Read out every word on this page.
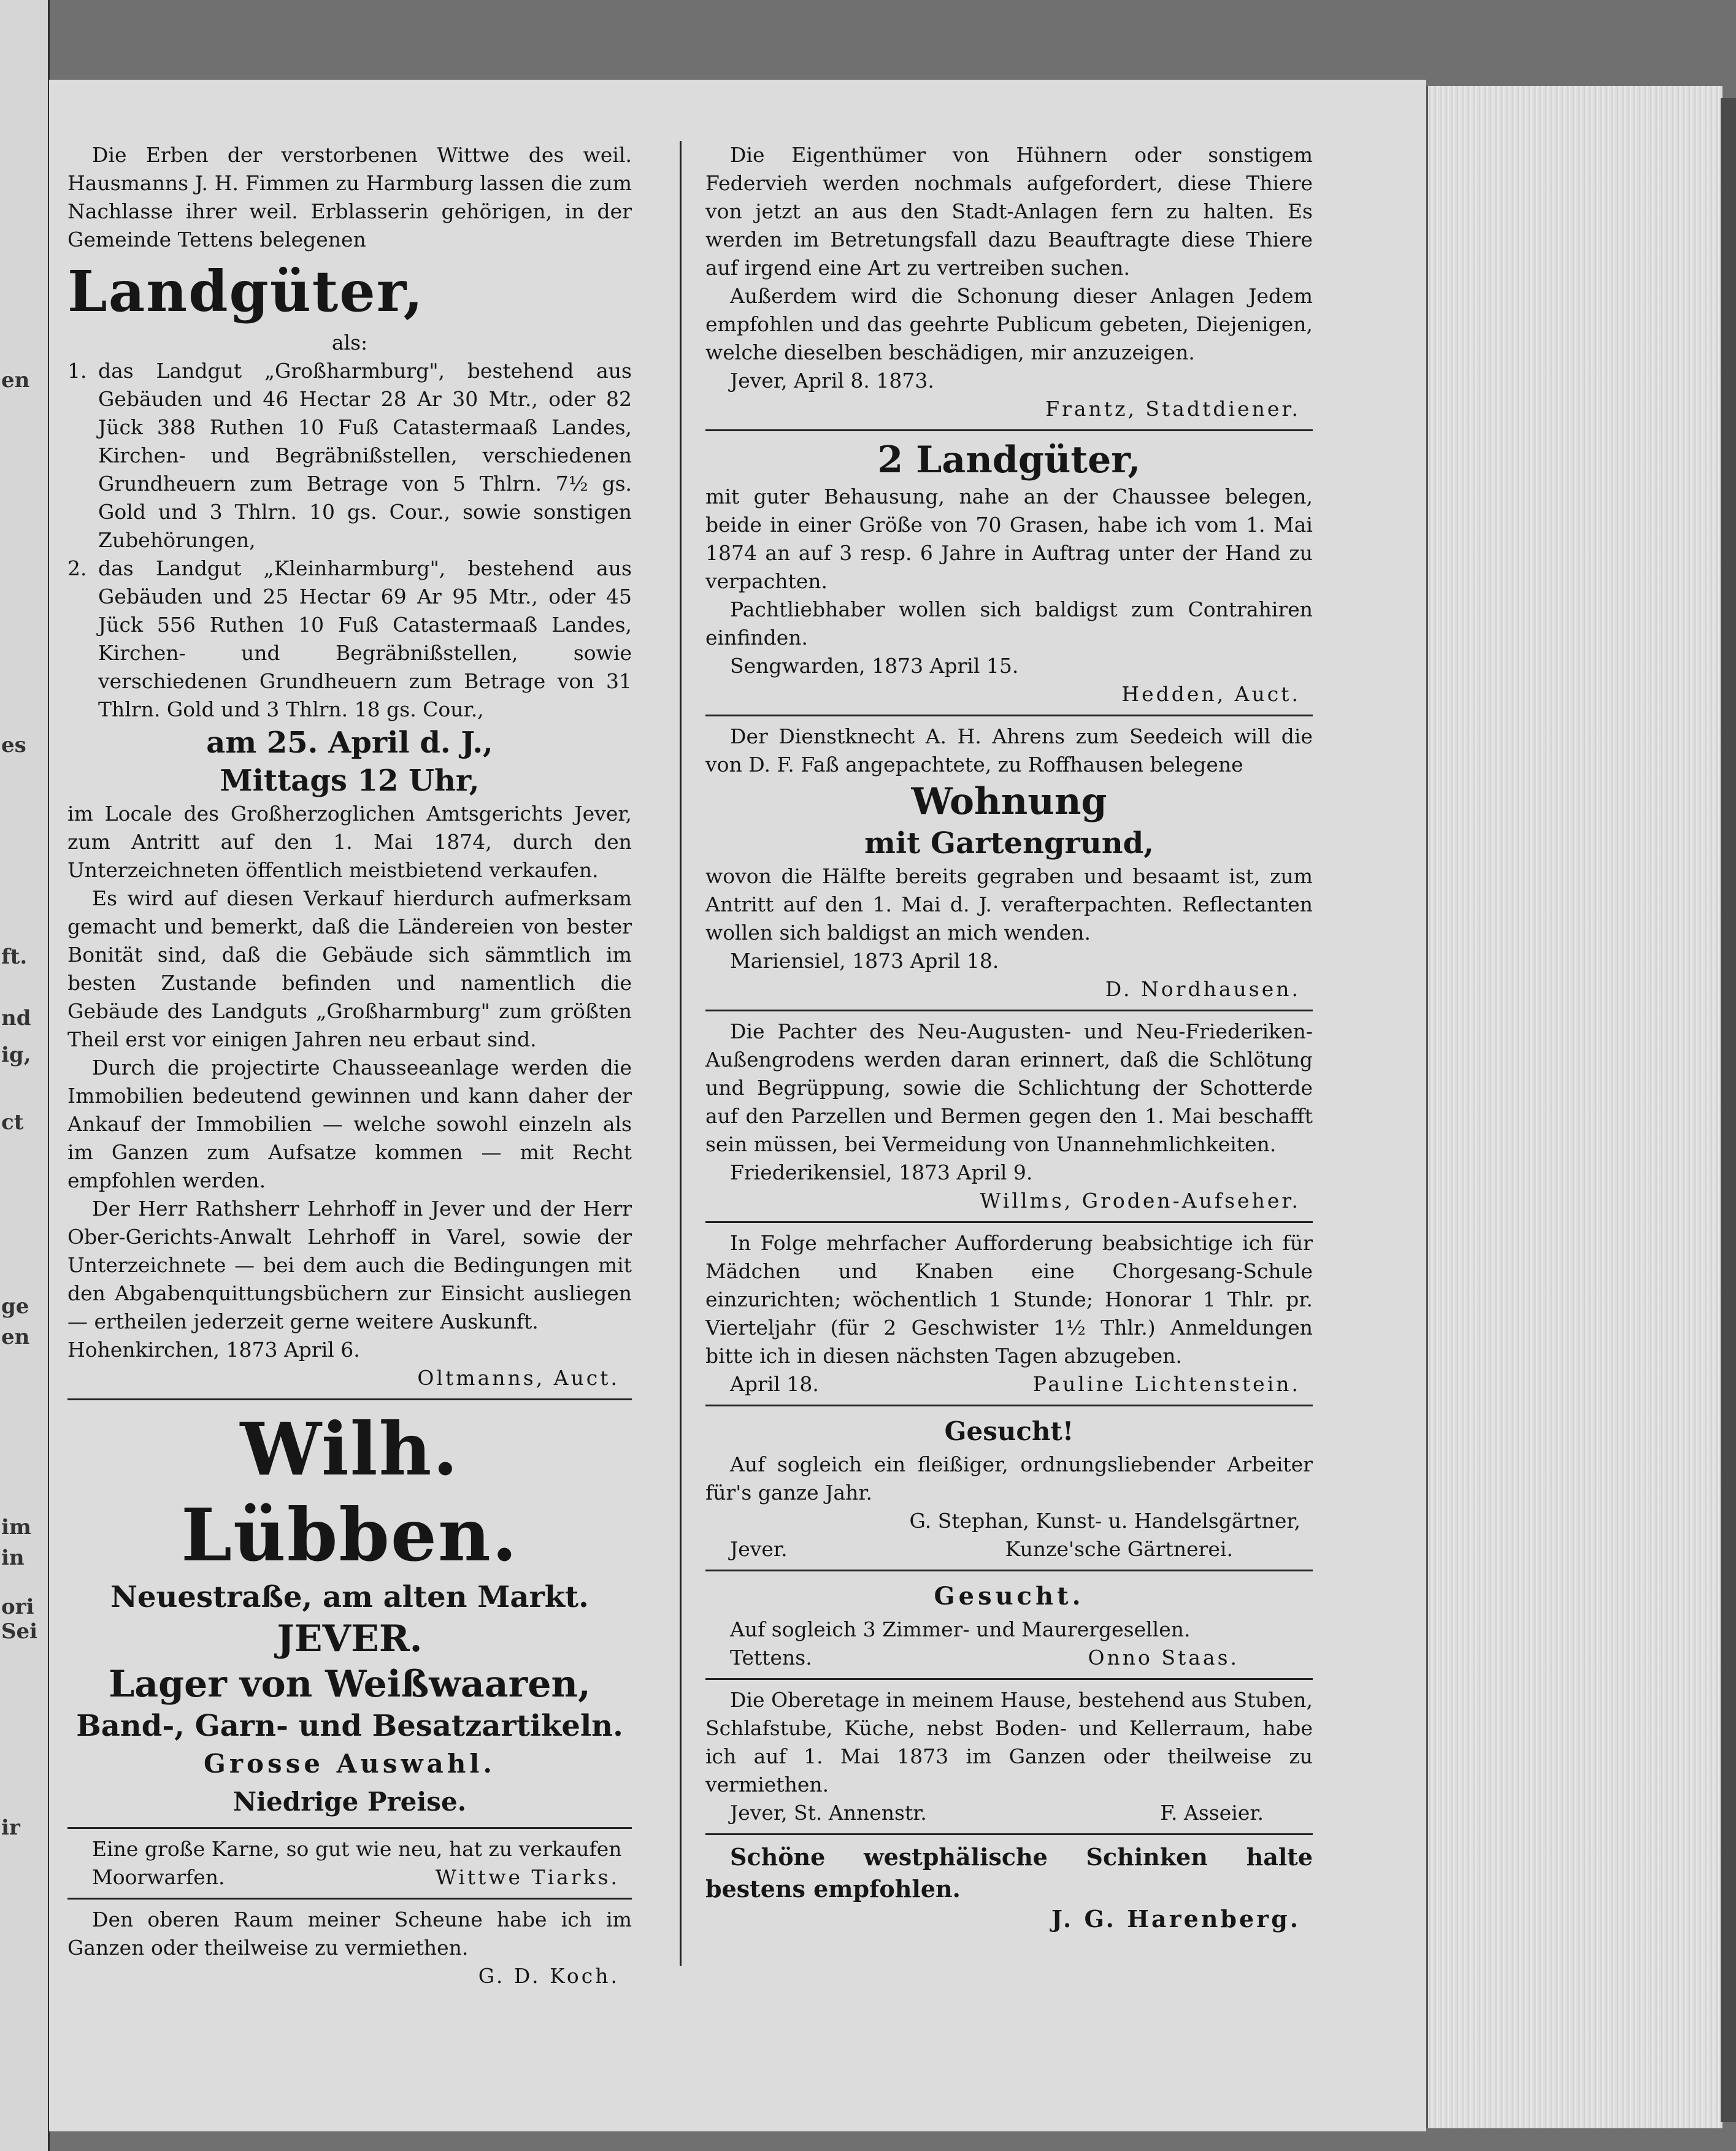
en
es
ft.
nd
ig,
ct
ge
en
im
in
ori
Sei
ir

Die Erben der verstorbenen Wittwe des weil. Hausmanns J. H. Fimmen zu Harmburg lassen die zum Nachlasse ihrer weil. Erblasserin gehörigen, in der Gemeinde Tettens belegenen

Landgüter,

als:

1. das Landgut „Großharmburg", bestehend aus Gebäuden und 46 Hectar 28 Ar 30 Mtr., oder 82 Jück 388 Ruthen 10 Fuß Catastermaaß Landes, Kirchen- und Begräbnißstellen, verschiedenen Grundheuern zum Betrage von 5 Thlrn. 7½ gs. Gold und 3 Thlrn. 10 gs. Cour., sowie sonstigen Zubehörungen,
2. das Landgut „Kleinharmburg", bestehend aus Gebäuden und 25 Hectar 69 Ar 95 Mtr., oder 45 Jück 556 Ruthen 10 Fuß Catastermaaß Landes, Kirchen- und Begräbnißstellen, sowie verschiedenen Grundheuern zum Betrage von 31 Thlrn. Gold und 3 Thlrn. 18 gs. Cour.,
am 25. April d. J.,
Mittags 12 Uhr,

im Locale des Großherzoglichen Amtsgerichts Jever, zum Antritt auf den 1. Mai 1874, durch den Unterzeichneten öffentlich meistbietend verkaufen.

Es wird auf diesen Verkauf hierdurch aufmerksam gemacht und bemerkt, daß die Ländereien von bester Bonität sind, daß die Gebäude sich sämmtlich im besten Zustande befinden und namentlich die Gebäude des Landguts „Großharmburg" zum größten Theil erst vor einigen Jahren neu erbaut sind.

Durch die projectirte Chausseeanlage werden die Immobilien bedeutend gewinnen und kann daher der Ankauf der Immobilien — welche sowohl einzeln als im Ganzen zum Aufsatze kommen — mit Recht empfohlen werden.

Der Herr Rathsherr Lehrhoff in Jever und der Herr Ober-Gerichts-Anwalt Lehrhoff in Varel, sowie der Unterzeichnete — bei dem auch die Bedingungen mit den Abgabenquittungsbüchern zur Einsicht ausliegen — ertheilen jederzeit gerne weitere Auskunft.

Hohenkirchen, 1873 April 6.

Oltmanns, Auct.

Wilh. Lübben.
Neuestraße, am alten Markt.
JEVER.
Lager von Weißwaaren,
Band-, Garn- und Besatzartikeln.
Grosse Auswahl.
Niedrige Preise.

Eine große Karne, so gut wie neu, hat zu verkaufen

Moorwarfen.	Wittwe Tiarks.

Den oberen Raum meiner Scheune habe ich im Ganzen oder theilweise zu vermiethen.

G. D. Koch.

Die Eigenthümer von Hühnern oder sonstigem Federvieh werden nochmals aufgefordert, diese Thiere von jetzt an aus den Stadt-Anlagen fern zu halten. Es werden im Betretungsfall dazu Beauftragte diese Thiere auf irgend eine Art zu vertreiben suchen.

Außerdem wird die Schonung dieser Anlagen Jedem empfohlen und das geehrte Publicum gebeten, Diejenigen, welche dieselben beschädigen, mir anzuzeigen.

Jever, April 8. 1873.

Frantz, Stadtdiener.

2 Landgüter,

mit guter Behausung, nahe an der Chaussee belegen, beide in einer Größe von 70 Grasen, habe ich vom 1. Mai 1874 an auf 3 resp. 6 Jahre in Auftrag unter der Hand zu verpachten.

Pachtliebhaber wollen sich baldigst zum Contrahiren einfinden.

Sengwarden, 1873 April 15.

Hedden, Auct.

Der Dienstknecht A. H. Ahrens zum Seedeich will die von D. F. Faß angepachtete, zu Roffhausen belegene

Wohnung
mit Gartengrund,

wovon die Hälfte bereits gegraben und besaamt ist, zum Antritt auf den 1. Mai d. J. verafterpachten. Reflectanten wollen sich baldigst an mich wenden.

Mariensiel, 1873 April 18.

D. Nordhausen.

Die Pachter des Neu-Augusten- und Neu-Friederiken-Außengrodens werden daran erinnert, daß die Schlötung und Begrüppung, sowie die Schlichtung der Schotterde auf den Parzellen und Bermen gegen den 1. Mai beschafft sein müssen, bei Vermeidung von Unannehmlichkeiten.

Friederikensiel, 1873 April 9.

Willms, Groden-Aufseher.

In Folge mehrfacher Aufforderung beabsichtige ich für Mädchen und Knaben eine Chorgesang-Schule einzurichten; wöchentlich 1 Stunde; Honorar 1 Thlr. pr. Vierteljahr (für 2 Geschwister 1½ Thlr.) Anmeldungen bitte ich in diesen nächsten Tagen abzugeben.

April 18.	Pauline Lichtenstein.
Gesucht!

Auf sogleich ein fleißiger, ordnungsliebender Arbeiter für's ganze Jahr.

G. Stephan, Kunst- u. Handelsgärtner,

Jever.	Kunze'sche Gärtnerei.
Gesucht.

Auf sogleich 3 Zimmer- und Maurergesellen.

Tettens.	Onno Staas.

Die Oberetage in meinem Hause, bestehend aus Stuben, Schlafstube, Küche, nebst Boden- und Kellerraum, habe ich auf 1. Mai 1873 im Ganzen oder theilweise zu vermiethen.

Jever, St. Annenstr.	F. Asseier.

Schöne westphälische Schinken halte bestens empfohlen.

J. G. Harenberg.
